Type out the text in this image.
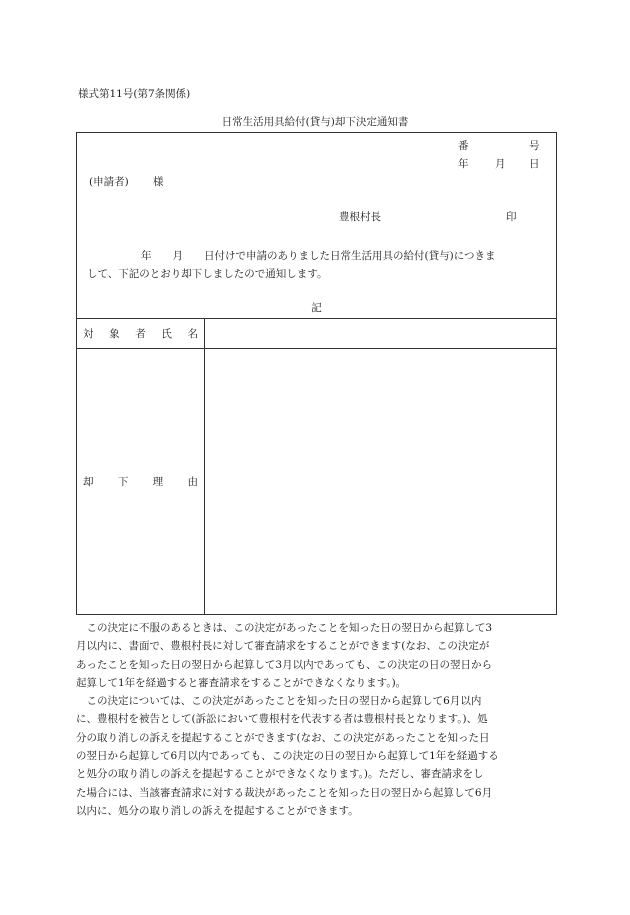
様式第11号(第7条関係)
日常生活用具給付(貸与)却下決定通知書
番	号
年	月 日
(申請者) 様
豊根村長	印
年　　月　　日付けで申請のありました日常生活用具の給付(貸与)につきま
して、下記のとおり却下しましたので通知します。
記
対 象 者 氏 名
却 下 理 由

　この決定に不服のあるときは、この決定があったことを知った日の翌日から起算して3

月以内に、書面で、豊根村長に対して審査請求をすることができます(なお、この決定が

あったことを知った日の翌日から起算して3月以内であっても、この決定の日の翌日から

起算して1年を経過すると審査請求をすることができなくなります。)。

　この決定については、この決定があったことを知った日の翌日から起算して6月以内

に、豊根村を被告として(訴訟において豊根村を代表する者は豊根村長となります。)、処

分の取り消しの訴えを提起することができます(なお、この決定があったことを知った日

の翌日から起算して6月以内であっても、この決定の日の翌日から起算して1年を経過する

と処分の取り消しの訴えを提起することができなくなります。)。ただし、審査請求をし

た場合には、当該審査請求に対する裁決があったことを知った日の翌日から起算して6月

以内に、処分の取り消しの訴えを提起することができます。
